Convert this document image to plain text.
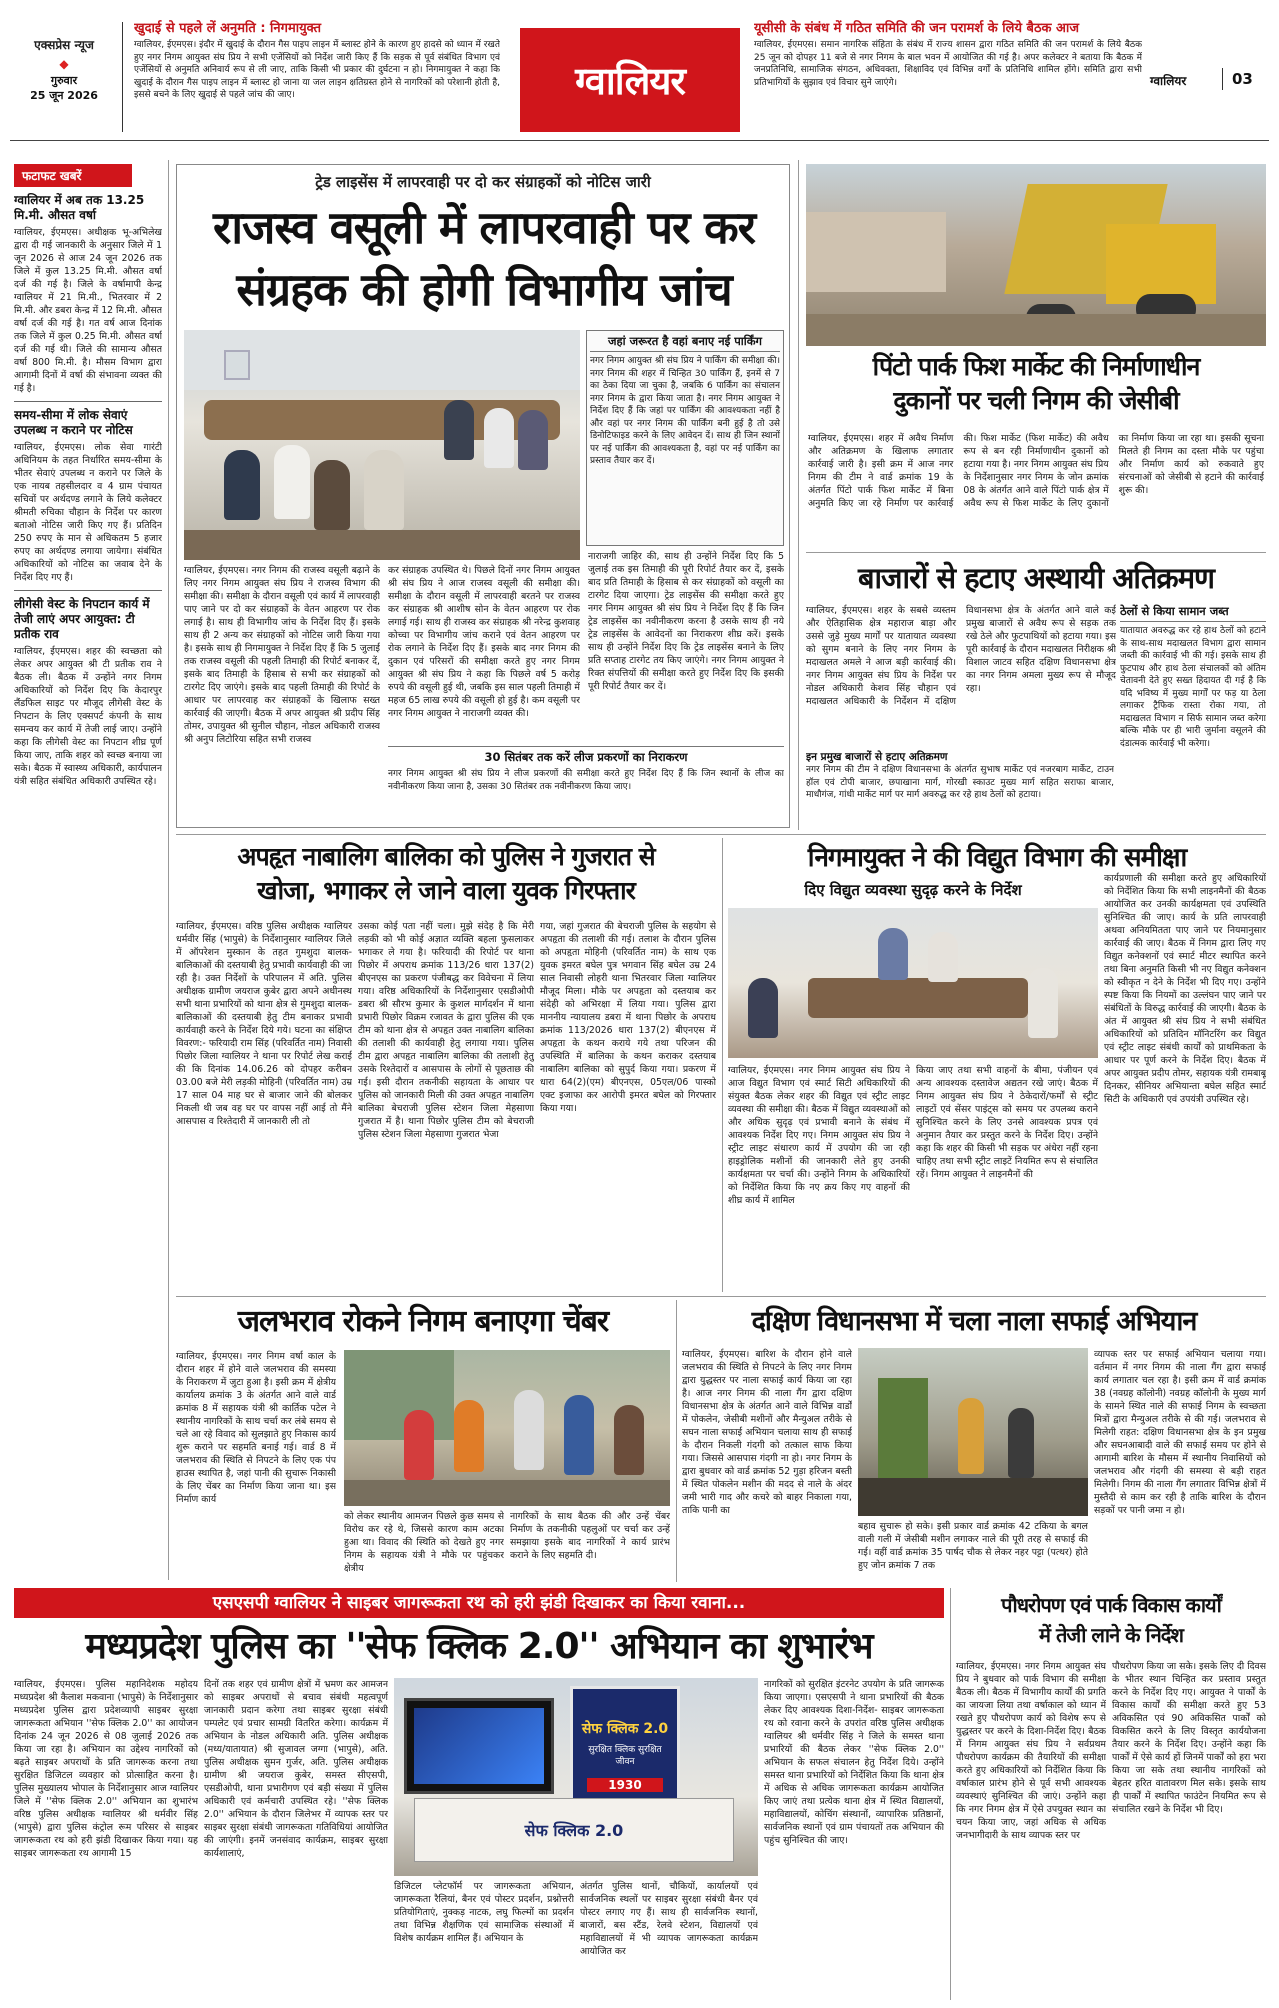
एक्सप्रेस न्यूज
◆
गुरुवार
25 जून 2026
खुदाई से पहले लें अनुमति : निगमायुक्त
ग्वालियर, ईएमएस। इंदौर में खुदाई के दौरान गैस पाइप लाइन में ब्लास्ट होने के कारण हुए हादसे को ध्यान में रखते हुए नगर निगम आयुक्त संघ प्रिय ने सभी एजेंसियों को निर्देश जारी किए हैं कि सड़क से पूर्व संबंधित विभाग एवं एजेंसियों से अनुमति अनिवार्य रूप से ली जाए, ताकि किसी भी प्रकार की दुर्घटना न हो। निगमायुक्त ने कहा कि खुदाई के दौरान गैस पाइप लाइन में ब्लास्ट हो जाना या जल लाइन क्षतिग्रस्त होने से नागरिकों को परेशानी होती है, इससे बचने के लिए खुदाई से पहले जांच की जाए।	ग्वालियर
यूसीसी के संबंध में गठित समिति की जन परामर्श के लिये बैठक आज
ग्वालियर, ईएमएस। समान नागरिक संहिता के संबंध में राज्य शासन द्वारा गठित समिति की जन परामर्श के लिये बैठक 25 जून को दोपहर 11 बजे से नगर निगम के बाल भवन में आयोजित की गई है। अपर कलेक्टर ने बताया कि बैठक में जनप्रतिनिधि, सामाजिक संगठन, अधिवक्ता, शिक्षाविद एवं विभिन्न वर्गों के प्रतिनिधि शामिल होंगे। समिति द्वारा सभी प्रतिभागियों के सुझाव एवं विचार सुने जाएंगे।	ग्वालियर	03
फटाफट खबरें
ग्वालियर में अब तक 13.25 मि.मी. औसत वर्षा
ग्वालियर, ईएमएस। अधीक्षक भू-अभिलेख द्वारा दी गई जानकारी के अनुसार जिले में 1 जून 2026 से आज 24 जून 2026 तक जिले में कुल 13.25 मि.मी. औसत वर्षा दर्ज की गई है। जिले के वर्षामापी केन्द्र ग्वालियर में 21 मि.मी., भितरवार में 2 मि.मी. और डबरा केन्द्र में 12 मि.मी. औसत वर्षा दर्ज की गई है। गत वर्ष आज दिनांक तक जिले में कुल 0.25 मि.मी. औसत वर्षा दर्ज की गई थी। जिले की सामान्य औसत वर्षा 800 मि.मी. है। मौसम विभाग द्वारा आगामी दिनों में वर्षा की संभावना व्यक्त की गई है।
समय-सीमा में लोक सेवाएं उपलब्ध न कराने पर नोटिस
ग्वालियर, ईएमएस। लोक सेवा गारंटी अधिनियम के तहत निर्धारित समय-सीमा के भीतर सेवाएं उपलब्ध न कराने पर जिले के एक नायब तहसीलदार व 4 ग्राम पंचायत सचिवों पर अर्थदण्ड लगाने के लिये कलेक्टर श्रीमती रुचिका चौहान के निर्देश पर कारण बताओ नोटिस जारी किए गए हैं। प्रतिदिन 250 रुपए के मान से अधिकतम 5 हजार रुपए का अर्थदण्ड लगाया जायेगा। संबंधित अधिकारियों को नोटिस का जवाब देने के निर्देश दिए गए हैं।
लीगेसी वेस्ट के निपटान कार्य में तेजी लाएं अपर आयुक्त: टी प्रतीक राव
ग्वालियर, ईएमएस। शहर की स्वच्छता को लेकर अपर आयुक्त श्री टी प्रतीक राव ने बैठक ली। बैठक में उन्होंने नगर निगम अधिकारियों को निर्देश दिए कि केदारपुर लैंडफिल साइट पर मौजूद लीगेसी वेस्ट के निपटान के लिए एक्सपर्ट कंपनी के साथ समन्वय कर कार्य में तेजी लाई जाए। उन्होंने कहा कि लीगेसी वेस्ट का निपटान शीघ्र पूर्ण किया जाए, ताकि शहर को स्वच्छ बनाया जा सके। बैठक में स्वास्थ्य अधिकारी, कार्यपालन यंत्री सहित संबंधित अधिकारी उपस्थित रहे।
ट्रेड लाइसेंस में लापरवाही पर दो कर संग्राहकों को नोटिस जारी
राजस्व वसूली में लापरवाही पर कर
संग्रहक की होगी विभागीय जांच
जहां जरूरत है वहां बनाए नई पार्किंग
नगर निगम आयुक्त श्री संघ प्रिय ने पार्किंग की समीक्षा की। नगर निगम की शहर में चिन्हित 30 पार्किंग हैं, इनमें से 7 का ठेका दिया जा चुका है, जबकि 6 पार्किंग का संचालन नगर निगम के द्वारा किया जाता है। नगर निगम आयुक्त ने निर्देश दिए हैं कि जहां पर पार्किंग की आवश्यकता नहीं है और वहां पर नगर निगम की पार्किंग बनी हुई है तो उसे डिनोटिफाइड करने के लिए आवेदन दें। साथ ही जिन स्थानों पर नई पार्किंग की आवश्यकता है, वहां पर नई पार्किंग का प्रस्ताव तैयार कर दें।
ग्वालियर, ईएमएस। नगर निगम की राजस्व वसूली बढ़ाने के लिए नगर निगम आयुक्त संघ प्रिय ने राजस्व विभाग की समीक्षा की। समीक्षा के दौरान वसूली एवं कार्य में लापरवाही पाए जाने पर दो कर संग्राहकों के वेतन आहरण पर रोक लगाई है। साथ ही विभागीय जांच के निर्देश दिए हैं। इसके साथ ही 2 अन्य कर संग्राहकों को नोटिस जारी किया गया है। इसके साथ ही निगमायुक्त ने निर्देश दिए हैं कि 5 जुलाई तक राजस्व वसूली की पहली तिमाही की रिपोर्ट बनाकर दें, इसके बाद तिमाही के हिसाब से सभी कर संग्राहकों को टारगेट दिए जाएंगे। इसके बाद पहली तिमाही की रिपोर्ट के आधार पर लापरवाह कर संग्राहकों के खिलाफ सख्त कार्रवाई की जाएगी। बैठक में अपर आयुक्त श्री प्रदीप सिंह तोमर, उपायुक्त श्री सुनील चौहान, नोडल अधिकारी राजस्व श्री अनुप लिटोरिया सहित सभी राजस्व
कर संग्राहक उपस्थित थे। पिछले दिनों नगर निगम आयुक्त श्री संघ प्रिय ने आज राजस्व वसूली की समीक्षा की। समीक्षा के दौरान वसूली में लापरवाही बरतने पर राजस्व कर संग्राहक श्री आशीष सोन के वेतन आहरण पर रोक लगाई गई। साथ ही राजस्व कर संग्राहक श्री नरेन्द्र कुशवाह कोच्चा पर विभागीय जांच कराने एवं वेतन आहरण पर रोक लगाने के निर्देश दिए हैं। इसके बाद नगर निगम की दुकान एवं परिसरों की समीक्षा करते हुए नगर निगम आयुक्त श्री संघ प्रिय ने कहा कि पिछले वर्ष 5 करोड़ रुपये की वसूली हुई थी, जबकि इस साल पहली तिमाही में महज 65 लाख रुपये की वसूली हो हुई है। कम वसूली पर नगर निगम आयुक्त ने नाराजगी व्यक्त की।
नाराजगी जाहिर की, साथ ही उन्होंने निर्देश दिए कि 5 जुलाई तक इस तिमाही की पूरी रिपोर्ट तैयार कर दें, इसके बाद प्रति तिमाही के हिसाब से कर संग्राहकों को वसूली का टारगेट दिया जाएगा। ट्रेड लाइसेंस की समीक्षा करते हुए नगर निगम आयुक्त श्री संघ प्रिय ने निर्देश दिए हैं कि जिन ट्रेड लाइसेंस का नवीनीकरण करना है उसके साथ ही नये ट्रेड लाइसेंस के आवेदनों का निराकरण शीघ्र करें। इसके साथ ही उन्होंने निर्देश दिए कि ट्रेड लाइसेंस बनाने के लिए प्रति सप्ताह टारगेट तय किए जाएंगे। नगर निगम आयुक्त ने रिक्त संपत्तियों की समीक्षा करते हुए निर्देश दिए कि इसकी पूरी रिपोर्ट तैयार कर दें।
30 सितंबर तक करें लीज प्रकरणों का निराकरण
नगर निगम आयुक्त श्री संघ प्रिय ने लीज प्रकरणों की समीक्षा करते हुए निर्देश दिए हैं कि जिन स्थानों के लीज का नवीनीकरण किया जाना है, उसका 30 सितंबर तक नवीनीकरण किया जाए।
पिंटो पार्क फिश मार्केट की निर्माणाधीन
दुकानों पर चली निगम की जेसीबी
ग्वालियर, ईएमएस। शहर में अवैध निर्माण और अतिक्रमण के खिलाफ लगातार कार्रवाई जारी है। इसी क्रम में आज नगर निगम की टीम ने वार्ड क्रमांक 19 के अंतर्गत पिंटो पार्क फिश मार्केट में बिना अनुमति किए जा रहे निर्माण पर कार्रवाई की। फिश मार्केट (फिश मार्केट) की अवैध रूप से बन रही निर्माणाधीन दुकानों को हटाया गया है। नगर निगम आयुक्त संघ प्रिय के निर्देशानुसार नगर निगम के जोन क्रमांक 08 के अंतर्गत आने वाले पिंटो पार्क क्षेत्र में अवैध रूप से फिश मार्केट के लिए दुकानों का निर्माण किया जा रहा था। इसकी सूचना मिलते ही निगम का दस्ता मौके पर पहुंचा और निर्माण कार्य को रुकवाते हुए संरचनाओं को जेसीबी से हटाने की कार्रवाई शुरू की।
बाजारों से हटाए अस्थायी अतिक्रमण
ग्वालियर, ईएमएस। शहर के सबसे व्यस्तम और ऐतिहासिक क्षेत्र महाराज बाड़ा और उससे जुड़े मुख्य मार्गों पर यातायात व्यवस्था को सुगम बनाने के लिए नगर निगम के मदाखलत अमले ने आज बड़ी कार्रवाई की। नगर निगम आयुक्त संघ प्रिय के निर्देश पर नोडल अधिकारी केशव सिंह चौहान एवं मदाखलत अधिकारी के निर्देशन में दक्षिण विधानसभा क्षेत्र के अंतर्गत आने वाले कई प्रमुख बाजारों से अवैध रूप से सड़क तक रखे ठेले और फुटपाथियों को हटाया गया। इस पूरी कार्रवाई के दौरान मदाखलत निरीक्षक श्री विशाल जाटव सहित दक्षिण विधानसभा क्षेत्र का नगर निगम अमला मुख्य रूप से मौजूद रहा।
ठेलों से किया सामान जब्त
यातायात अवरुद्ध कर रहे हाथ ठेलों को हटाने के साथ-साथ मदाखलत विभाग द्वारा सामान जब्ती की कार्रवाई भी की गई। इसके साथ ही फुटपाथ और हाथ ठेला संचालकों को अंतिम चेतावनी देते हुए सख्त हिदायत दी गई है कि यदि भविष्य में मुख्य मार्गों पर फड़ या ठेला लगाकर ट्रैफिक रास्ता रोका गया, तो मदाखलत विभाग न सिर्फ सामान जब्त करेगा बल्कि मौके पर ही भारी जुर्माना वसूलने की दंडात्मक कार्रवाई भी करेगा।
इन प्रमुख बाजारों से हटाए अतिक्रमण
नगर निगम की टीम ने दक्षिण विधानसभा के अंतर्गत सुभाष मार्केट एवं नजरबाग मार्केट, टाउन हॉल एवं टोपी बाजार, छपाखाना मार्ग, गोरखी स्काउट मुख्य मार्ग सहित सराफा बाजार, माधौगंज, गांधी मार्केट मार्ग पर मार्ग अवरुद्ध कर रहे हाथ ठेलों को हटाया।
अपहृत नाबालिग बालिका को पुलिस ने गुजरात से
खोजा, भगाकर ले जाने वाला युवक गिरफ्तार
ग्वालियर, ईएमएस। वरिष्ठ पुलिस अधीक्षक ग्वालियर धर्मवीर सिंह (भापुसे) के निर्देशानुसार ग्वालियर जिले में ऑपरेशन मुस्कान के तहत गुमशुदा बालक-बालिकाओं की दस्तयाबी हेतु प्रभावी कार्यवाही की जा रही है। उक्त निर्देशों के परिपालन में अति. पुलिस अधीक्षक ग्रामीण जयराज कुबेर द्वारा अपने अधीनस्थ सभी थाना प्रभारियों को थाना क्षेत्र से गुमशुदा बालक-बालिकाओं की दस्तयाबी हेतु टीम बनाकर प्रभावी कार्यवाही करने के निर्देश दिये गये। घटना का संक्षिप्त विवरण:- फरियादी राम सिंह (परिवर्तित नाम) निवासी पिछोर जिला ग्वालियर ने थाना पर रिपोर्ट लेख कराई की कि दिनांक 14.06.26 को दोपहर करीबन 03.00 बजे मेरी लड़की मोहिनी (परिवर्तित नाम) उम्र 17 साल 04 माह घर से बाजार जाने की बोलकर निकली थी जब वह घर पर वापस नहीं आई तो मैंने आसपास व रिश्तेदारी में जानकारी ली तो
उसका कोई पता नहीं चला। मुझे संदेह है कि मेरी लड़की को भी कोई अज्ञात व्यक्ति बहला फुसलाकर भगाकर ले गया है। फरियादी की रिपोर्ट पर थाना पिछोर में अपराध क्रमांक 113/26 धारा 137(2) बीएनएस का प्रकरण पंजीबद्ध कर विवेचना में लिया गया। वरिष्ठ अधिकारियों के निर्देशानुसार एसडीओपी डबरा श्री सौरभ कुमार के कुशल मार्गदर्शन में थाना प्रभारी पिछोर विक्रम रजावत के द्वारा पुलिस की एक टीम को थाना क्षेत्र से अपहृत उक्त नाबालिग बालिका की तलाशी की कार्यवाही हेतु लगाया गया। पुलिस टीम द्वारा अपहृत नाबालिग बालिका की तलाशी हेतु उसके रिश्तेदारों व आसपास के लोगों से पूछताछ की गई। इसी दौरान तकनीकी सहायता के आधार पर पुलिस को जानकारी मिली की उक्त अपहृत नाबालिग बालिका बेचराजी पुलिस स्टेशन जिला मेहसाणा गुजरात में है। थाना पिछोर पुलिस टीम को बेचराजी पुलिस स्टेशन जिला मेहसाणा गुजरात भेजा
गया, जहां गुजरात की बेचराजी पुलिस के सहयोग से अपहृता की तलाशी की गई। तलाश के दौरान पुलिस को अपहृता मोहिनी (परिवर्तित नाम) के साथ एक युवक इमरत बघेल पुत्र भगवान सिंह बघेल उम्र 24 साल निवासी लोहरी थाना भितरवार जिला ग्वालियर मौजूद मिला। मौके पर अपहृता को दस्तयाब कर संदेही को अभिरक्षा में लिया गया। पुलिस द्वारा माननीय न्यायालय डबरा में थाना पिछोर के अपराध क्रमांक 113/2026 धारा 137(2) बीएनएस में अपहृता के कथन कराये गये तथा परिजन की उपस्थिति में बालिका के कथन कराकर दस्तयाब नाबालिग बालिका को सुपुर्द किया गया। प्रकरण में धारा 64(2)(एम) बीएनएस, 05एल/06 पास्को एक्ट इजाफा कर आरोपी इमरत बघेल को गिरफ्तार किया गया।
निगमायुक्त ने की विद्युत विभाग की समीक्षा
दिए विद्युत व्यवस्था सुदृढ़ करने के निर्देश
ग्वालियर, ईएमएस। नगर निगम आयुक्त संघ प्रिय ने आज विद्युत विभाग एवं स्मार्ट सिटी अधिकारियों की संयुक्त बैठक लेकर शहर की विद्युत एवं स्ट्रीट लाइट व्यवस्था की समीक्षा की। बैठक में विद्युत व्यवस्थाओं को और अधिक सुदृढ़ एवं प्रभावी बनाने के संबंध में आवश्यक निर्देश दिए गए। निगम आयुक्त संघ प्रिय ने स्ट्रीट लाइट संधारण कार्य में उपयोग की जा रही हाइड्रोलिक मशीनों की जानकारी लेते हुए उनकी कार्यक्षमता पर चर्चा की। उन्होंने निगम के अधिकारियों को निर्देशित किया कि नए क्रय किए गए वाहनों की शीघ्र कार्य में शामिल
किया जाए तथा सभी वाहनों के बीमा, पंजीयन एवं अन्य आवश्यक दस्तावेज अद्यतन रखे जाएं। बैठक में निगम आयुक्त संघ प्रिय ने ठेकेदारों/फर्मों से स्ट्रीट लाइटों एवं सेंसर पाइंट्स को समय पर उपलब्ध कराने सुनिश्चित करने के लिए उनसे आवश्यक प्रपत्र एवं अनुमान तैयार कर प्रस्तुत करने के निर्देश दिए। उन्होंने कहा कि शहर की किसी भी सड़क पर अंधेरा नहीं रहना चाहिए तथा सभी स्ट्रीट लाइटें नियमित रूप से संचालित रहें। निगम आयुक्त ने लाइनमैनों की
कार्यप्रणाली की समीक्षा करते हुए अधिकारियों को निर्देशित किया कि सभी लाइनमैनों की बैठक आयोजित कर उनकी कार्यक्षमता एवं उपस्थिति सुनिश्चित की जाए। कार्य के प्रति लापरवाही अथवा अनियमितता पाए जाने पर नियमानुसार कार्रवाई की जाए। बैठक में निगम द्वारा लिए गए विद्युत कनेक्शनों एवं स्मार्ट मीटर स्थापित करने तथा बिना अनुमति किसी भी नए विद्युत कनेक्शन को स्वीकृत न देने के निर्देश भी दिए गए। उन्होंने स्पष्ट किया कि नियमों का उल्लंघन पाए जाने पर संबंधितों के विरुद्ध कार्रवाई की जाएगी। बैठक के अंत में आयुक्त श्री संघ प्रिय ने सभी संबंधित अधिकारियों को प्रतिदिन मॉनिटरिंग कर विद्युत एवं स्ट्रीट लाइट संबंधी कार्यों को प्राथमिकता के आधार पर पूर्ण करने के निर्देश दिए। बैठक में अपर आयुक्त प्रदीप तोमर, सहायक यंत्री रामबाबू दिनकर, सीनियर अभियान्ता बघेल सहित स्मार्ट सिटी के अधिकारी एवं उपयंत्री उपस्थित रहे।
जलभराव रोकने निगम बनाएगा चेंबर
ग्वालियर, ईएमएस। नगर निगम वर्षा काल के दौरान शहर में होने वाले जलभराव की समस्या के निराकरण में जुटा हुआ है। इसी क्रम में क्षेत्रीय कार्यालय क्रमांक 3 के अंतर्गत आने वाले वार्ड क्रमांक 8 में सहायक यंत्री श्री कार्तिक पटेल ने स्थानीय नागरिकों के साथ चर्चा कर लंबे समय से चले आ रहे विवाद को सुलझाते हुए निकास कार्य शुरू कराने पर सहमति बनाई गई। वार्ड 8 में जलभराव की स्थिति से निपटने के लिए एक पंप हाउस स्थापित है, जहां पानी की सुचारू निकासी के लिए चेंबर का निर्माण किया जाना था। इस निर्माण कार्य
को लेकर स्थानीय आमजन पिछले कुछ समय से विरोध कर रहे थे, जिससे कारण काम अटका हुआ था। विवाद की स्थिति को देखते हुए नगर निगम के सहायक यंत्री ने मौके पर पहुंचकर क्षेत्रीय
नागरिकों के साथ बैठक की और उन्हें चेंबर निर्माण के तकनीकी पहलुओं पर चर्चा कर उन्हें समझाया इसके बाद नागरिकों ने कार्य प्रारंभ कराने के लिए सहमति दी।
दक्षिण विधानसभा में चला नाला सफाई अभियान
ग्वालियर, ईएमएस। बारिश के दौरान होने वाले जलभराव की स्थिति से निपटने के लिए नगर निगम द्वारा युद्धस्तर पर नाला सफाई कार्य किया जा रहा है। आज नगर निगम की नाला गैंग द्वारा दक्षिण विधानसभा क्षेत्र के अंतर्गत आने वाले विभिन्न वार्डों में पोकलेन, जेसीबी मशीनों और मैन्युअल तरीके से सघन नाला सफाई अभियान चलाया साथ ही सफाई के दौरान निकली गंदगी को तत्काल साफ किया गया। जिससे आसपास गंदगी ना हो। नगर निगम के द्वारा बुधवार को वार्ड क्रमांक 52 गुड़ा हरिजन बस्ती में स्थित पोकलेन मशीन की मदद से नाले के अंदर जमी भारी गाद और कचरे को बाहर निकाला गया, ताकि पानी का
बहाव सुचारू हो सके। इसी प्रकार वार्ड क्रमांक 42 टकिया के बगल वाली गली में जेसीबी मशीन लगाकर नाले की पूरी तरह से सफाई की गई। वहीं वार्ड क्रमांक 35 पार्षद चौक से लेकर नहर पट्टा (पत्थर) होते हुए जोन क्रमांक 7 तक
व्यापक स्तर पर सफाई अभियान चलाया गया। वर्तमान में नगर निगम की नाला गैंग द्वारा सफाई कार्य लगातार चल रहा है। इसी क्रम में वार्ड क्रमांक 38 (नवग्रह कॉलोनी) नवग्रह कॉलोनी के मुख्य मार्ग के सामने स्थित नाले की सफाई निगम के स्वच्छता मित्रों द्वारा मैन्युअल तरीके से की गई। जलभराव से मिलेगी राहत: दक्षिण विधानसभा क्षेत्र के इन प्रमुख और सघनआबादी वाले की सफाई समय पर होने से आगामी बारिश के मौसम में स्थानीय निवासियों को जलभराव और गंदगी की समस्या से बड़ी राहत मिलेगी। निगम की नाला गैंग लगातार विभिन्न क्षेत्रों में मुस्तैदी से काम कर रही है ताकि बारिश के दौरान सड़कों पर पानी जमा न हो।
एसएसपी ग्वालियर ने साइबर जागरूकता रथ को हरी झंडी दिखाकर का किया रवाना...
मध्यप्रदेश पुलिस का ''सेफ क्लिक 2.0'' अभियान का शुभारंभ
ग्वालियर, ईएमएस। पुलिस महानिदेशक महोदय मध्यप्रदेश श्री कैलाश मकवाना (भापुसे) के निर्देशानुसार मध्यप्रदेश पुलिस द्वारा प्रदेशव्यापी साइबर सुरक्षा जागरूकता अभियान ''सेफ क्लिक 2.0'' का आयोजन दिनांक 24 जून 2026 से 08 जुलाई 2026 तक किया जा रहा है। अभियान का उद्देश्य नागरिकों को बढ़ते साइबर अपराधों के प्रति जागरूक करना तथा सुरक्षित डिजिटल व्यवहार को प्रोत्साहित करना है। पुलिस मुख्यालय भोपाल के निर्देशानुसार आज ग्वालियर जिले में ''सेफ क्लिक 2.0'' अभियान का शुभारंभ वरिष्ठ पुलिस अधीक्षक ग्वालियर श्री धर्मवीर सिंह (भापुसे) द्वारा पुलिस कंट्रोल रूम परिसर से साइबर जागरूकता रथ को हरी झंडी दिखाकर किया गया। यह साइबर जागरूकता रथ आगामी 15
दिनों तक शहर एवं ग्रामीण क्षेत्रों में भ्रमण कर आमजन को साइबर अपराधों से बचाव संबंधी महत्वपूर्ण जानकारी प्रदान करेगा तथा साइबर सुरक्षा संबंधी पम्पलेट एवं प्रचार सामग्री वितरित करेगा। कार्यक्रम में अभियान के नोडल अधिकारी अति. पुलिस अधीक्षक (मध्य/यातायात) श्री सुजावल जग्गा (भापुसे), अति. पुलिस अधीक्षक सुमन गुर्जर, अति. पुलिस अधीक्षक ग्रामीण श्री जयराज कुबेर, समस्त सीएसपी, एसडीओपी, थाना प्रभारीगण एवं बड़ी संख्या में पुलिस अधिकारी एवं कर्मचारी उपस्थित रहे। ''सेफ क्लिक 2.0'' अभियान के दौरान जिलेभर में व्यापक स्तर पर साइबर सुरक्षा संबंधी जागरूकता गतिविधियां आयोजित की जाएंगी। इनमें जनसंवाद कार्यक्रम, साइबर सुरक्षा कार्यशालाएं,
सेफ क्लिक 2.0
सुरक्षित क्लिक सुरक्षित जीवन
1930
सेफ क्लिक 2.0
डिजिटल प्लेटफॉर्म पर जागरूकता अभियान, जागरूकता रैलियां, बैनर एवं पोस्टर प्रदर्शन, प्रश्नोत्तरी प्रतियोगिताएं, नुक्कड़ नाटक, लघु फिल्मों का प्रदर्शन तथा विभिन्न शैक्षणिक एवं सामाजिक संस्थाओं में विशेष कार्यक्रम शामिल हैं। अभियान के
अंतर्गत पुलिस थानों, चौकियों, कार्यालयों एवं सार्वजनिक स्थलों पर साइबर सुरक्षा संबंधी बैनर एवं पोस्टर लगाए गए हैं। साथ ही सार्वजनिक स्थानों, बाजारों, बस स्टैंड, रेलवे स्टेशन, विद्यालयों एवं महाविद्यालयों में भी व्यापक जागरूकता कार्यक्रम आयोजित कर
नागरिकों को सुरक्षित इंटरनेट उपयोग के प्रति जागरूक किया जाएगा। एसएसपी ने थाना प्रभारियों की बैठक लेकर दिए आवश्यक दिशा-निर्देश- साइबर जागरूकता रथ को रवाना करने के उपरांत वरिष्ठ पुलिस अधीक्षक ग्वालियर श्री धर्मवीर सिंह ने जिले के समस्त थाना प्रभारियों की बैठक लेकर ''सेफ क्लिक 2.0'' अभियान के सफल संचालन हेतु निर्देश दिये। उन्होंने समस्त थाना प्रभारियों को निर्देशित किया कि थाना क्षेत्र में अधिक से अधिक जागरूकता कार्यक्रम आयोजित किए जाएं तथा प्रत्येक थाना क्षेत्र में स्थित विद्यालयों, महाविद्यालयों, कोचिंग संस्थानों, व्यापारिक प्रतिष्ठानों, सार्वजनिक स्थानों एवं ग्राम पंचायतों तक अभियान की पहुंच सुनिश्चित की जाए।
पौधरोपण एवं पार्क विकास कार्यों
में तेजी लाने के निर्देश
ग्वालियर, ईएमएस। नगर निगम आयुक्त संघ प्रिय ने बुधवार को पार्क विभाग की समीक्षा बैठक ली। बैठक में विभागीय कार्यों की प्रगति का जायजा लिया तथा वर्षाकाल को ध्यान में रखते हुए पौधरोपण कार्य को विशेष रूप से युद्धस्तर पर करने के दिशा-निर्देश दिए। बैठक में निगम आयुक्त संघ प्रिय ने सर्वप्रथम पौधरोपण कार्यक्रम की तैयारियों की समीक्षा करते हुए अधिकारियों को निर्देशित किया कि वर्षाकाल प्रारंभ होने से पूर्व सभी आवश्यक व्यवस्थाएं सुनिश्चित की जाएं। उन्होंने कहा कि नगर निगम क्षेत्र में ऐसे उपयुक्त स्थान का चयन किया जाए, जहां अधिक से अधिक जनभागीदारी के साथ व्यापक स्तर पर
पौधरोपण किया जा सके। इसके लिए दी दिवस के भीतर स्थान चिन्हित कर प्रस्ताव प्रस्तुत करने के निर्देश दिए गए। आयुक्त ने पार्कों के विकास कार्यों की समीक्षा करते हुए 53 अविकसित एवं 90 अविकसित पार्कों को विकसित करने के लिए विस्तृत कार्ययोजना तैयार करने के निर्देश दिए। उन्होंने कहा कि पार्कों में ऐसे कार्य हों जिनमें पार्कों को हरा भरा किया जा सके तथा स्थानीय नागरिकों को बेहतर हरित वातावरण मिल सके। इसके साथ ही पार्कों में स्थापित फाउंटेन नियमित रूप से संचालित रखने के निर्देश भी दिए।
